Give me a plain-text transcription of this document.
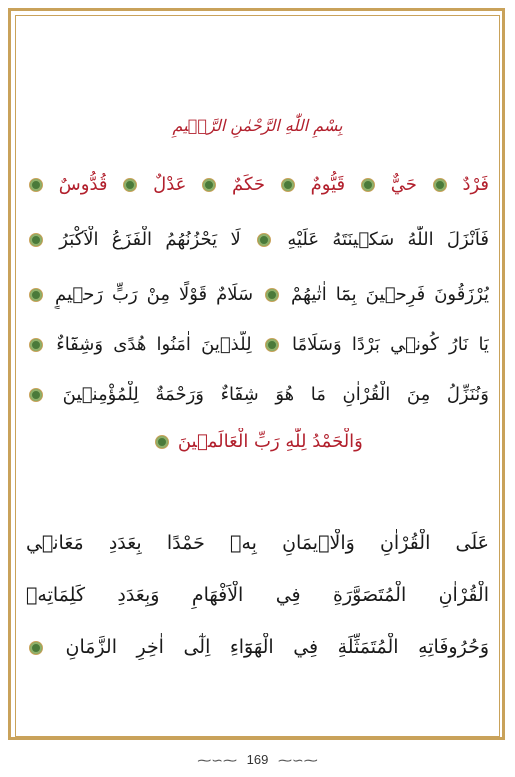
بِسْمِ اللّٰهِ الرَّحْمٰنِ الرَّح۪يمِ
فَرْدٌ  حَيٌّ  قَيُّومٌ  حَكَمٌ  عَدْلٌ  قُدُّوسٌ
فَاَنْزَلَ اللّٰهُ سَك۪ينَتَهُ عَلَيْهِ  لَا يَحْزُنُهُمُ الْفَزَعُ الْاَكْبَرُ
يُرْزَقُونَ فَرِح۪ينَ بِمَٓا اٰتٰيهُمْ  سَلَامٌ قَوْلًا مِنْ رَبٍّ رَح۪يمٍ
يَا نَارُ كُون۪ي بَرْدًا وَسَلَامًا  لِلَّذ۪ينَ اٰمَنُوا هُدًى وَشِفَٓاءٌ
وَنُنَزِّلُ مِنَ الْقُرْاٰنِ مَا هُوَ شِفَٓاءٌ وَرَحْمَةٌ لِلْمُؤْمِن۪ينَ
وَالْحَمْدُ لِلّٰهِ رَبِّ الْعَالَم۪ينَ
عَلَى الْقُرْاٰنِ وَالْا۪يمَانِ بِه۪ حَمْدًا بِعَدَدِ مَعَان۪ي
الْقُرْاٰنِ الْمُتَصَوَّرَةِ فِي الْاَفْهَامِ وَبِعَدَدِ كَلِمَاتِه۪
وَحُرُوفَاتِهِ الْمُتَمَثِّلَةِ فِي الْهَوَٓاءِ اِلٰٓى اٰخِرِ الزَّمَانِ
⁓∽⁓ 169 ⁓∽⁓
